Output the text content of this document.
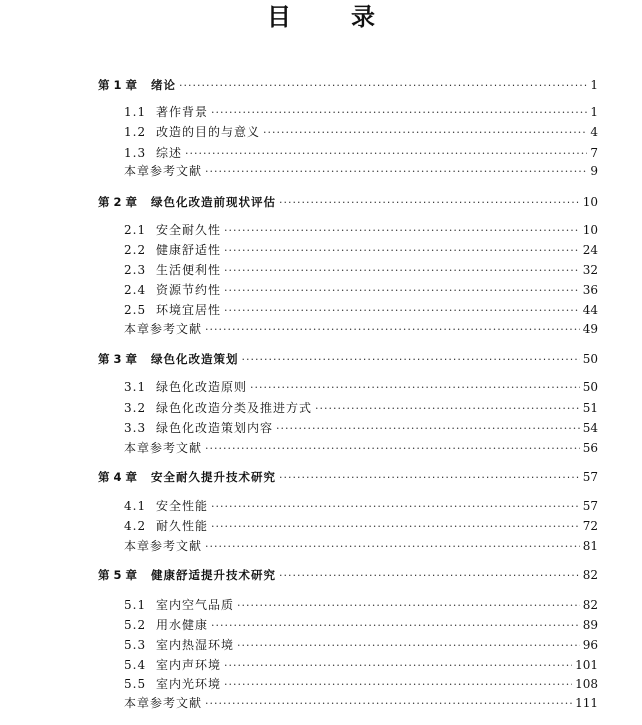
目	录
第 1 章 绪论 ·····	1
1.1 著作背景 ·····	1
1.2 改造的目的与意义 ·····	4
1.3 综述 ·····	7
本章参考文献 ·····	9
第 2 章 绿色化改造前现状评估 ·····	10
2.1 安全耐久性 ·····	10
2.2 健康舒适性 ·····	24
2.3 生活便利性 ·····	32
2.4 资源节约性 ·····	36
2.5 环境宜居性 ·····	44
本章参考文献 ·····	49
第 3 章 绿色化改造策划 ·····	50
3.1 绿色化改造原则 ·····	50
3.2 绿色化改造分类及推进方式 ·····	51
3.3 绿色化改造策划内容 ·····	54
本章参考文献 ·····	56
第 4 章 安全耐久提升技术研究 ·····	57
4.1 安全性能 ·····	57
4.2 耐久性能 ·····	72
本章参考文献 ·····	81
第 5 章 健康舒适提升技术研究 ·····	82
5.1 室内空气品质 ·····	82
5.2 用水健康 ·····	89
5.3 室内热湿环境 ·····	96
5.4 室内声环境 ·····	101
5.5 室内光环境 ·····	108
本章参考文献 ·····	111
